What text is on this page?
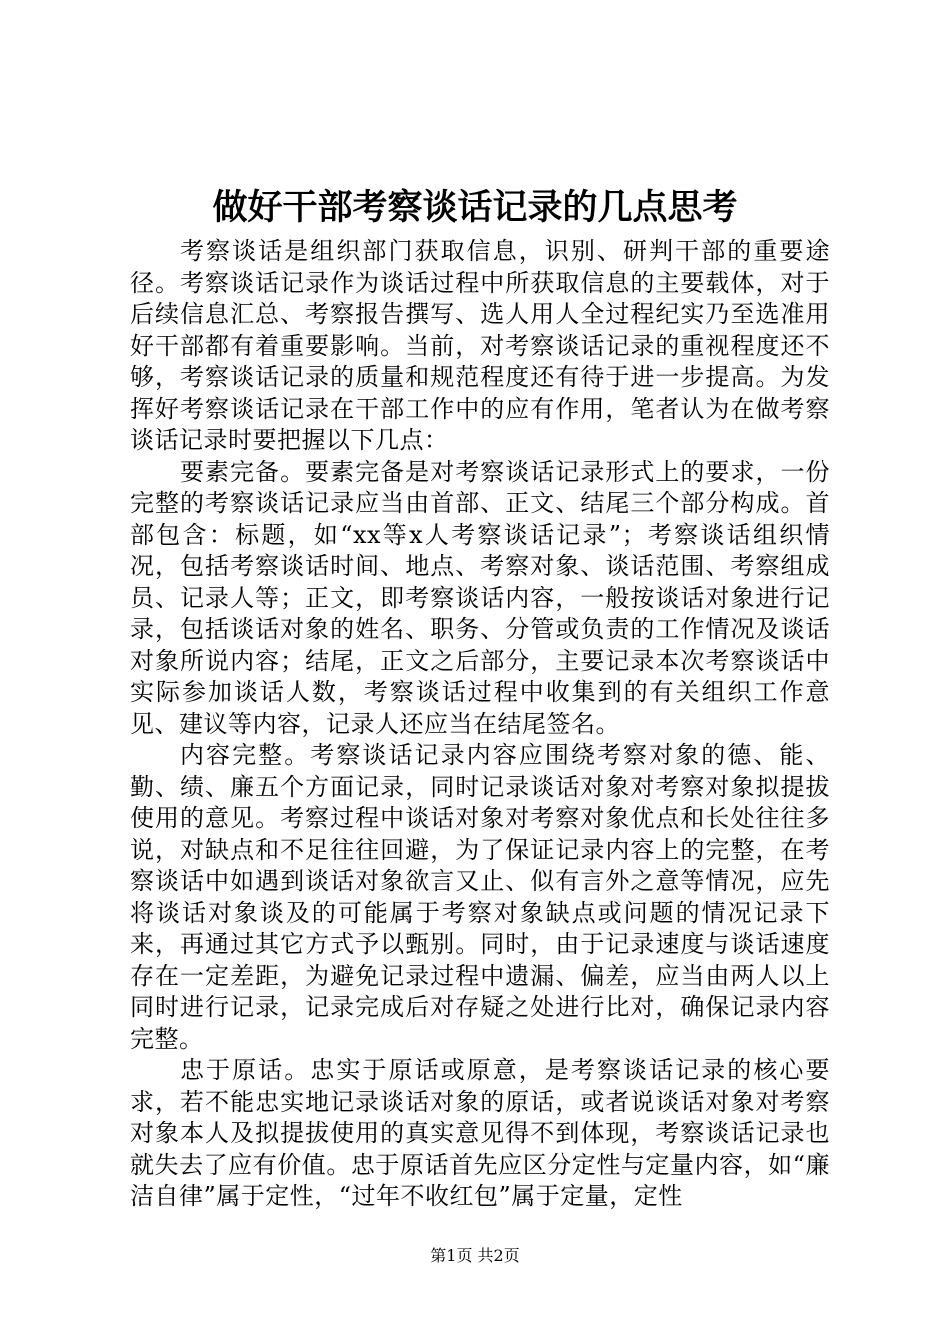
做好干部考察谈话记录的几点思考

考察谈话是组织部门获取信息，识别、研判干部的重要途径。考察谈话记录作为谈话过程中所获取信息的主要载体，对于后续信息汇总、考察报告撰写、选人用人全过程纪实乃至选准用好干部都有着重要影响。当前，对考察谈话记录的重视程度还不够，考察谈话记录的质量和规范程度还有待于进一步提高。为发挥好考察谈话记录在干部工作中的应有作用，笔者认为在做考察谈话记录时要把握以下几点：

要素完备。要素完备是对考察谈话记录形式上的要求，一份完整的考察谈话记录应当由首部、正文、结尾三个部分构成。首部包含：标题，如“xx等x人考察谈话记录”；考察谈话组织情况，包括考察谈话时间、地点、考察对象、谈话范围、考察组成员、记录人等；正文，即考察谈话内容，一般按谈话对象进行记录，包括谈话对象的姓名、职务、分管或负责的工作情况及谈话对象所说内容；结尾，正文之后部分，主要记录本次考察谈话中实际参加谈话人数，考察谈话过程中收集到的有关组织工作意见、建议等内容，记录人还应当在结尾签名。

内容完整。考察谈话记录内容应围绕考察对象的德、能、勤、绩、廉五个方面记录，同时记录谈话对象对考察对象拟提拔使用的意见。考察过程中谈话对象对考察对象优点和长处往往多说，对缺点和不足往往回避，为了保证记录内容上的完整，在考察谈话中如遇到谈话对象欲言又止、似有言外之意等情况，应先将谈话对象谈及的可能属于考察对象缺点或问题的情况记录下来，再通过其它方式予以甄别。同时，由于记录速度与谈话速度存在一定差距，为避免记录过程中遗漏、偏差，应当由两人以上同时进行记录，记录完成后对存疑之处进行比对，确保记录内容完整。

忠于原话。忠实于原话或原意，是考察谈话记录的核心要求，若不能忠实地记录谈话对象的原话，或者说谈话对象对考察对象本人及拟提拔使用的真实意见得不到体现，考察谈话记录也就失去了应有价值。忠于原话首先应区分定性与定量内容，如“廉洁自律”属于定性，“过年不收红包”属于定量，定性

第1页 共2页
